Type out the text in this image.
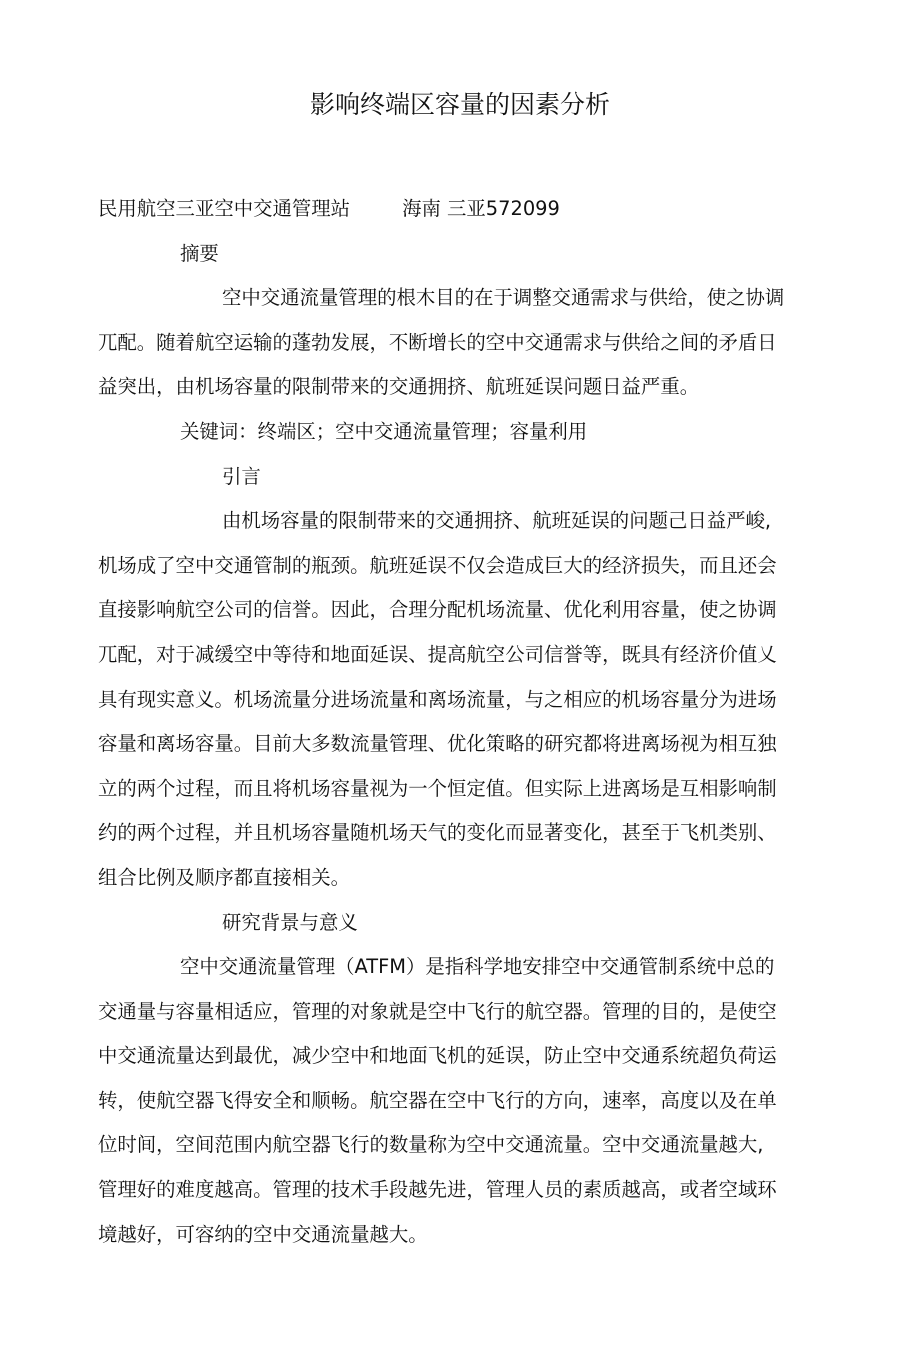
影响终端区容量的因素分析
民用航空三亚空中交通管理站	海南 三亚572099
摘要
空中交通流量管理的根木目的在于调整交通需求与供给，使之协调
兀配。随着航空运输的蓬勃发展，不断增长的空中交通需求与供给之间的矛盾日
益突出，由机场容量的限制带来的交通拥挤、航班延误问题日益严重。
关键词：终端区；空中交通流量管理；容量利用
引言
由机场容量的限制带来的交通拥挤、航班延误的问题己日益严峻,
机场成了空中交通管制的瓶颈。航班延误不仅会造成巨大的经济损失，而且还会
直接影响航空公司的信誉。因此，合理分配机场流量、优化利用容量，使之协调
兀配，对于减缓空中等待和地面延误、提高航空公司信誉等，既具有经济价值乂
具有现实意义。机场流量分进场流量和离场流量，与之相应的机场容量分为进场
容量和离场容量。目前大多数流量管理、优化策略的研究都将进离场视为相互独
立的两个过程，而且将机场容量视为一个恒定值。但实际上进离场是互相影响制
约的两个过程，并且机场容量随机场天气的变化而显著变化，甚至于飞机类别、
组合比例及顺序都直接相关。
研究背景与意义
空中交通流量管理（ATFM）是指科学地安排空中交通管制系统中总的
交通量与容量相适应，管理的对象就是空中飞行的航空器。管理的目的，是使空
中交通流量达到最优，减少空中和地面飞机的延误，防止空中交通系统超负荷运
转，使航空器飞得安全和顺畅。航空器在空中飞行的方向，速率，高度以及在单
位时间，空间范围内航空器飞行的数量称为空中交通流量。空中交通流量越大,
管理好的难度越高。管理的技术手段越先进，管理人员的素质越高，或者空域环
境越好，可容纳的空中交通流量越大。
